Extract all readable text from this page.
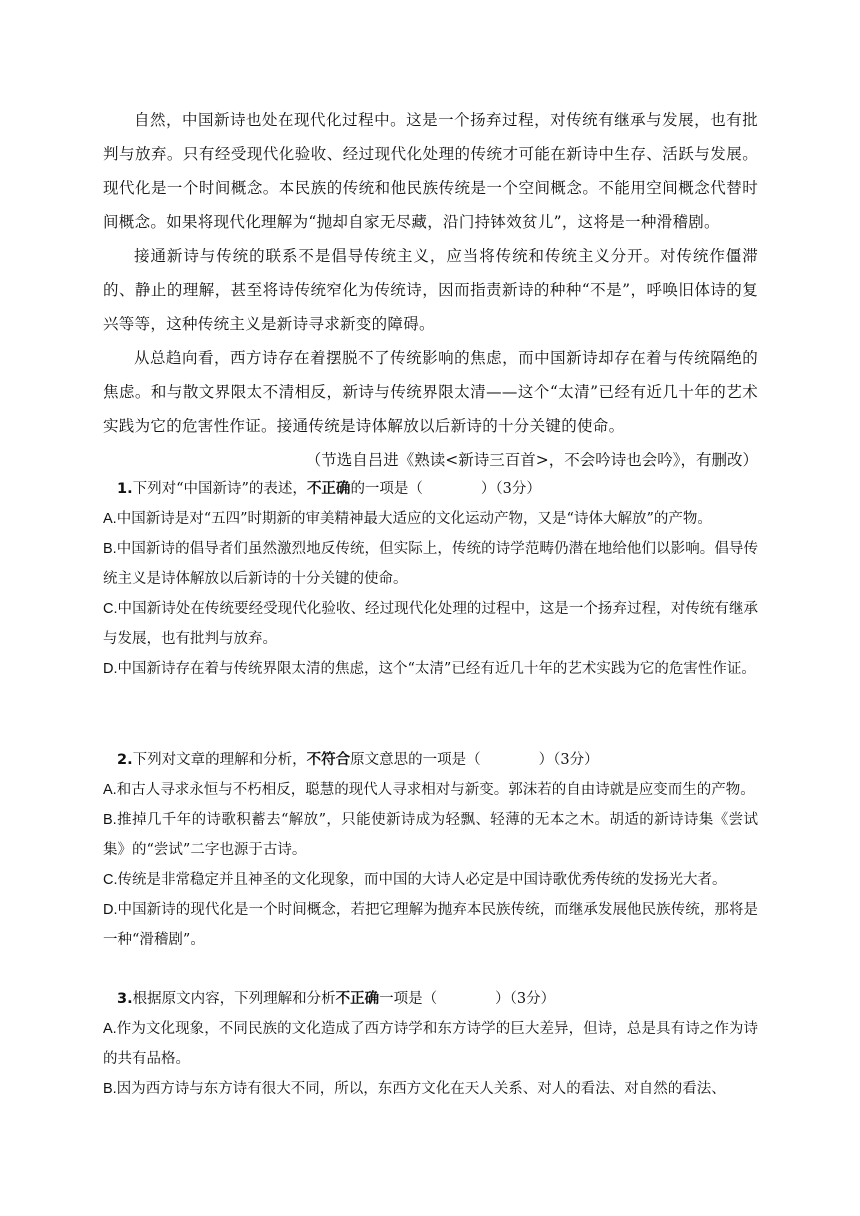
自然，中国新诗也处在现代化过程中。这是一个扬弃过程，对传统有继承与发展，也有批判与放弃。只有经受现代化验收、经过现代化处理的传统才可能在新诗中生存、活跃与发展。现代化是一个时间概念。本民族的传统和他民族传统是一个空间概念。不能用空间概念代替时间概念。如果将现代化理解为“抛却自家无尽藏，沿门持钵效贫儿”，这将是一种滑稽剧。

接通新诗与传统的联系不是倡导传统主义，应当将传统和传统主义分开。对传统作僵滞的、静止的理解，甚至将诗传统窄化为传统诗，因而指责新诗的种种“不是”，呼唤旧体诗的复兴等等，这种传统主义是新诗寻求新变的障碍。

从总趋向看，西方诗存在着摆脱不了传统影响的焦虑，而中国新诗却存在着与传统隔绝的焦虑。和与散文界限太不清相反，新诗与传统界限太清——这个“太清”已经有近几十年的艺术实践为它的危害性作证。接通传统是诗体解放以后新诗的十分关键的使命。

（节选自吕进《熟读<新诗三百首>，不会吟诗也会吟》，有删改）

1.下列对“中国新诗”的表述，不正确的一项是（　　　　）（3分）
A.中国新诗是对“五四”时期新的审美精神最大适应的文化运动产物，又是“诗体大解放”的产物。
B.中国新诗的倡导者们虽然激烈地反传统，但实际上，传统的诗学范畴仍潜在地给他们以影响。倡导传统主义是诗体解放以后新诗的十分关键的使命。
C.中国新诗处在传统要经受现代化验收、经过现代化处理的过程中，这是一个扬弃过程，对传统有继承与发展，也有批判与放弃。
D.中国新诗存在着与传统界限太清的焦虑，这个“太清”已经有近几十年的艺术实践为它的危害性作证。
2.下列对文章的理解和分析，不符合原文意思的一项是（　　　　）（3分）
A.和古人寻求永恒与不朽相反，聪慧的现代人寻求相对与新变。郭沫若的自由诗就是应变而生的产物。
B.推掉几千年的诗歌积蓄去“解放”，只能使新诗成为轻飘、轻薄的无本之木。胡适的新诗诗集《尝试集》的“尝试”二字也源于古诗。
C.传统是非常稳定并且神圣的文化现象，而中国的大诗人必定是中国诗歌优秀传统的发扬光大者。
D.中国新诗的现代化是一个时间概念，若把它理解为抛弃本民族传统，而继承发展他民族传统，那将是一种“滑稽剧”。
3.根据原文内容，下列理解和分析不正确一项是（　　　　）（3分）
A.作为文化现象，不同民族的文化造成了西方诗学和东方诗学的巨大差异，但诗，总是具有诗之作为诗的共有品格。
B.因为西方诗与东方诗有很大不同，所以，东西方文化在天人关系、对人的看法、对自然的看法、
